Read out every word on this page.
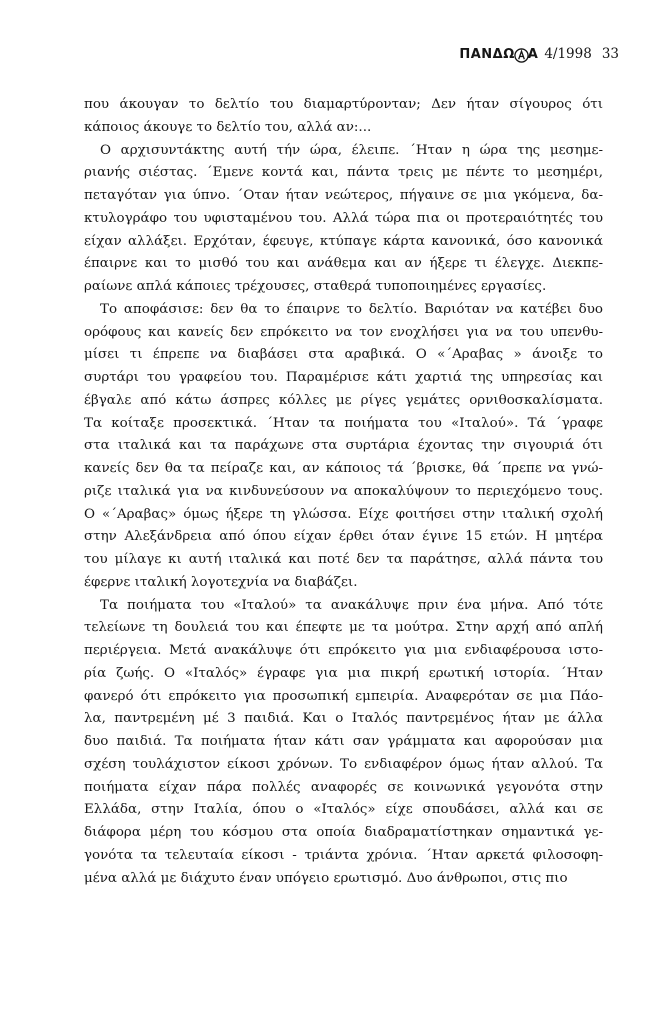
ΠΑΝΔΩ Α 4/1998 33
που άκουγαν το δελτίο του διαμαρτύρονταν; Δεν ήταν σίγουρος ότι
κάποιος άκουγε το δελτίο του, αλλά αν:...
Ο αρχισυντάκτης αυτή τήν ώρα, έλειπε. ΄Ηταν η ώρα της μεσημε-
ριανής σιέστας. ΄Εμενε κοντά και, πάντα τρεις με πέντε το μεσημέρι,
πεταγόταν για ύπνο. ΄Οταν ήταν νεώτερος, πήγαινε σε μια γκόμενα, δα-
κτυλογράφο του υφισταμένου του. Αλλά τώρα πια οι προτεραιότητές του
είχαν αλλάξει. Ερχόταν, έφευγε, κτύπαγε κάρτα κανονικά, όσο κανονικά
έπαιρνε και το μισθό του και ανάθεμα και αν ήξερε τι έλεγχε. Διεκπε-
ραίωνε απλά κάποιες τρέχουσες, σταθερά τυποποιημένες εργασίες.
Το αποφάσισε: δεν θα το έπαιρνε το δελτίο. Βαριόταν να κατέβει δυο
ορόφους και κανείς δεν επρόκειτο να τον ενοχλήσει για να του υπενθυ-
μίσει τι έπρεπε να διαβάσει στα αραβικά. Ο «΄Αραβας » άνοιξε το
συρτάρι του γραφείου του. Παραμέρισε κάτι χαρτιά της υπηρεσίας και
έβγαλε από κάτω άσπρες κόλλες με ρίγες γεμάτες ορνιθοσκαλίσματα.
Τα κοίταξε προσεκτικά. ΄Ηταν τα ποιήματα του «Ιταλού». Τά ΄γραφε
στα ιταλικά και τα παράχωνε στα συρτάρια έχοντας την σιγουριά ότι
κανείς δεν θα τα πείραζε και, αν κάποιος τά ΄βρισκε, θά ΄πρεπε να γνώ-
ριζε ιταλικά για να κινδυνεύσουν να αποκαλύψουν το περιεχόμενο τους.
Ο «΄Αραβας» όμως ήξερε τη γλώσσα. Είχε φοιτήσει στην ιταλική σχολή
στην Αλεξάνδρεια από όπου είχαν έρθει όταν έγινε 15 ετών. Η μητέρα
του μίλαγε κι αυτή ιταλικά και ποτέ δεν τα παράτησε, αλλά πάντα του
έφερνε ιταλική λογοτεχνία να διαβάζει.
Τα ποιήματα του «Ιταλού» τα ανακάλυψε πριν ένα μήνα. Από τότε
τελείωνε τη δουλειά του και έπεφτε με τα μούτρα. Στην αρχή από απλή
περιέργεια. Μετά ανακάλυψε ότι επρόκειτο για μια ενδιαφέρουσα ιστο-
ρία ζωής. Ο «Ιταλός» έγραφε για μια πικρή ερωτική ιστορία. ΄Ηταν
φανερό ότι επρόκειτο για προσωπική εμπειρία. Αναφερόταν σε μια Πάο-
λα, παντρεμένη μέ 3 παιδιά. Και ο Ιταλός παντρεμένος ήταν με άλλα
δυο παιδιά. Τα ποιήματα ήταν κάτι σαν γράμματα και αφορούσαν μια
σχέση τουλάχιστον είκοσι χρόνων. Το ενδιαφέρον όμως ήταν αλλού. Τα
ποιήματα είχαν πάρα πολλές αναφορές σε κοινωνικά γεγονότα στην
Ελλάδα, στην Ιταλία, όπου ο «Ιταλός» είχε σπουδάσει, αλλά και σε
διάφορα μέρη του κόσμου στα οποία διαδραματίστηκαν σημαντικά γε-
γονότα τα τελευταία είκοσι - τριάντα χρόνια. ΄Ηταν αρκετά φιλοσοφη-
μένα αλλά με διάχυτο έναν υπόγειο ερωτισμό. Δυο άνθρωποι, στις πιο
